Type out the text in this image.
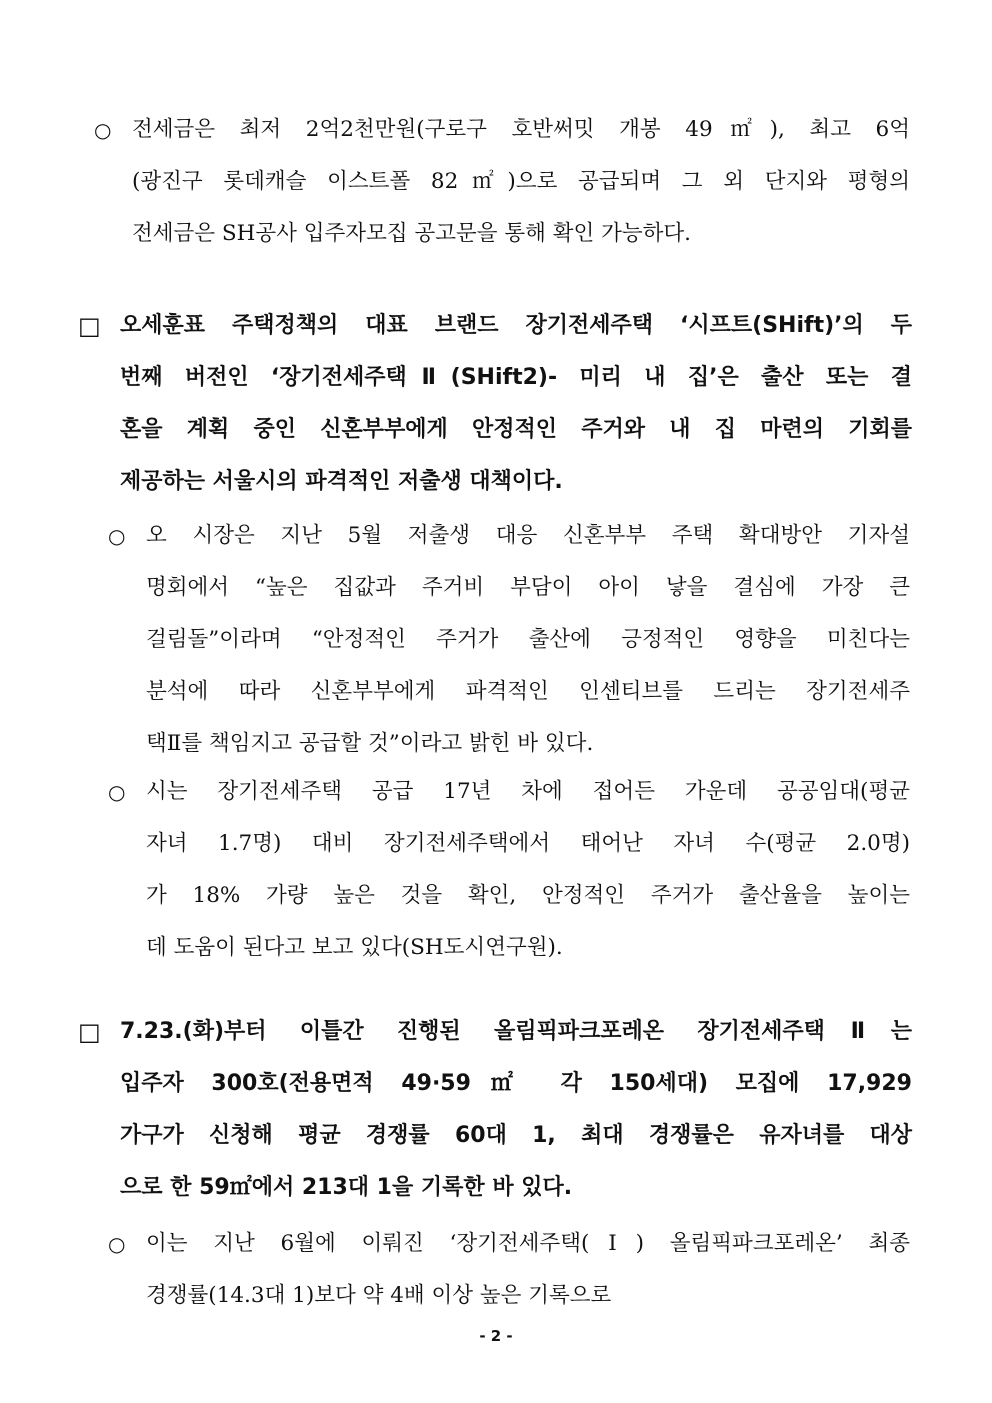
○ 전세금은 최저 2억2천만원(구로구 호반써밋 개봉 49㎡), 최고 6억
(광진구 롯데캐슬 이스트폴 82㎡)으로 공급되며 그 외 단지와 평형의
전세금은 SH공사 입주자모집 공고문을 통해 확인 가능하다.
□ 오세훈표 주택정책의 대표 브랜드 장기전세주택 ‘시프트(SHift)’의 두
번째 버전인 ‘장기전세주택Ⅱ(SHift2)- 미리 내 집’은 출산 또는 결
혼을 계획 중인 신혼부부에게 안정적인 주거와 내 집 마련의 기회를
제공하는 서울시의 파격적인 저출생 대책이다.
○ 오 시장은 지난 5월 저출생 대응 신혼부부 주택 확대방안 기자설
명회에서 “높은 집값과 주거비 부담이 아이 낳을 결심에 가장 큰
걸림돌”이라며 “안정적인 주거가 출산에 긍정적인 영향을 미친다는
분석에 따라 신혼부부에게 파격적인 인센티브를 드리는 장기전세주
택Ⅱ를 책임지고 공급할 것”이라고 밝힌 바 있다.
○ 시는 장기전세주택 공급 17년 차에 접어든 가운데 공공임대(평균
자녀 1.7명) 대비 장기전세주택에서 태어난 자녀 수(평균 2.0명)
가 18% 가량 높은 것을 확인, 안정적인 주거가 출산율을 높이는
데 도움이 된다고 보고 있다(SH도시연구원).
□ 7.23.(화)부터 이틀간 진행된 올림픽파크포레온 장기전세주택Ⅱ는
입주자 300호(전용면적 49·59㎡ 각 150세대) 모집에 17,929
가구가 신청해 평균 경쟁률 60대 1, 최대 경쟁률은 유자녀를 대상
으로 한 59㎡에서 213대 1을 기록한 바 있다.
○ 이는 지난 6월에 이뤄진 ‘장기전세주택(Ⅰ) 올림픽파크포레온’ 최종
경쟁률(14.3대 1)보다 약 4배 이상 높은 기록으로
- 2 -
